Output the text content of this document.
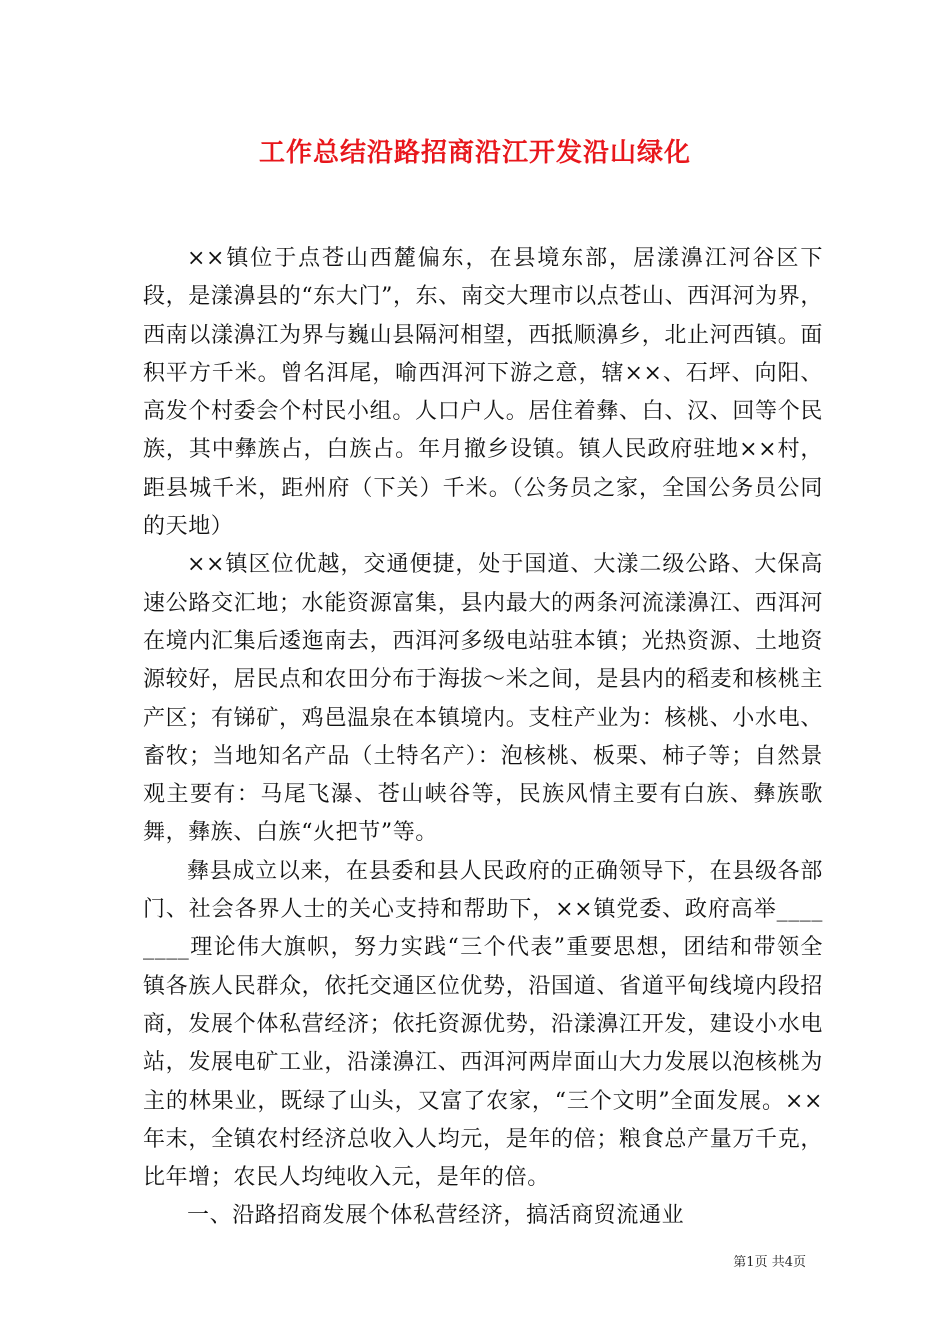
工作总结沿路招商沿江开发沿山绿化

××镇位于点苍山西麓偏东，在县境东部，居漾濞江河谷区下段，是漾濞县的“东大门”，东、南交大理市以点苍山、西洱河为界，西南以漾濞江为界与巍山县隔河相望，西抵顺濞乡，北止河西镇。面积平方千米。曾名洱尾，喻西洱河下游之意，辖××、石坪、向阳、高发个村委会个村民小组。人口户人。居住着彝、白、汉、回等个民族，其中彝族占，白族占。年月撤乡设镇。镇人民政府驻地××村，距县城千米，距州府（下关）千米。（公务员之家，全国公务员公同的天地）

××镇区位优越，交通便捷，处于国道、大漾二级公路、大保高速公路交汇地；水能资源富集，县内最大的两条河流漾濞江、西洱河在境内汇集后逶迤南去，西洱河多级电站驻本镇；光热资源、土地资源较好，居民点和农田分布于海拔～米之间，是县内的稻麦和核桃主产区；有锑矿，鸡邑温泉在本镇境内。支柱产业为：核桃、小水电、畜牧；当地知名产品（土特名产）：泡核桃、板栗、柿子等；自然景观主要有：马尾飞瀑、苍山峡谷等，民族风情主要有白族、彝族歌舞，彝族、白族“火把节”等。

彝县成立以来，在县委和县人民政府的正确领导下，在县级各部门、社会各界人士的关心支持和帮助下，××镇党委、政府高举________理论伟大旗帜，努力实践“三个代表”重要思想，团结和带领全镇各族人民群众，依托交通区位优势，沿国道、省道平甸线境内段招商，发展个体私营经济；依托资源优势，沿漾濞江开发，建设小水电站，发展电矿工业，沿漾濞江、西洱河两岸面山大力发展以泡核桃为主的林果业，既绿了山头，又富了农家，“三个文明”全面发展。××年末，全镇农村经济总收入人均元，是年的倍；粮食总产量万千克，比年增；农民人均纯收入元，是年的倍。

一、沿路招商发展个体私营经济，搞活商贸流通业

第1页 共4页
